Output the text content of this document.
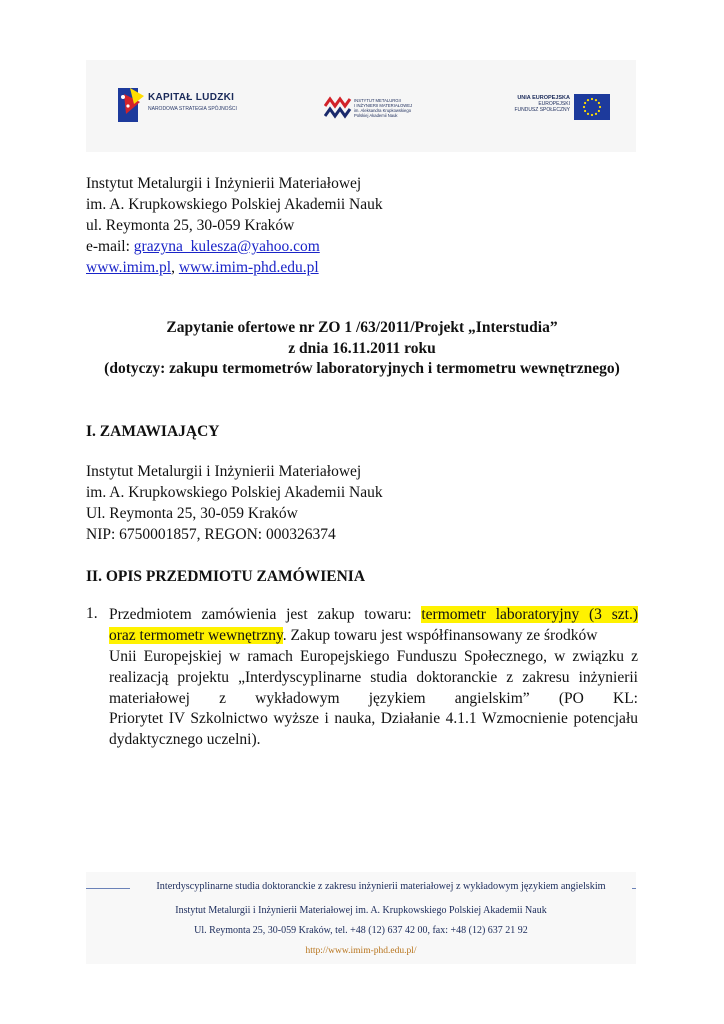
KAPITAŁ LUDZKI
NARODOWA STRATEGIA SPÓJNOŚCI
INSTYTUT METALURGII
I INŻYNIERII MATERIAŁOWEJ
im. Aleksandra Krupkowskiego
Polskiej Akademii Nauk
UNIA EUROPEJSKA
EUROPEJSKI
FUNDUSZ SPOŁECZNY
Instytut Metalurgii i Inżynierii Materiałowej
im. A. Krupkowskiego Polskiej Akademii Nauk
ul. Reymonta 25, 30-059 Kraków
e-mail: grazyna_kulesza@yahoo.com
www.imim.pl, www.imim-phd.edu.pl
Zapytanie ofertowe nr ZO 1 /63/2011/Projekt „Interstudia”
z dnia 16.11.2011 roku
(dotyczy: zakupu termometrów laboratoryjnych i termometru wewnętrznego)
I. ZAMAWIAJĄCY
Instytut Metalurgii i Inżynierii Materiałowej
im. A. Krupkowskiego Polskiej Akademii Nauk
Ul. Reymonta 25, 30-059 Kraków
NIP: 6750001857, REGON: 000326374
II. OPIS PRZEDMIOTU ZAMÓWIENIA
1. Przedmiotem zamówienia jest zakup towaru: termometr laboratoryjny (3 szt.)
oraz termometr wewnętrzny. Zakup towaru jest współfinansowany ze środków
Unii Europejskiej w ramach Europejskiego Funduszu Społecznego, w związku z
realizacją projektu „Interdyscyplinarne studia doktoranckie z zakresu inżynierii
materiałowej z wykładowym językiem angielskim” (PO KL:
Priorytet IV Szkolnictwo wyższe i nauka, Działanie 4.1.1 Wzmocnienie potencjału
dydaktycznego uczelni).
Interdyscyplinarne studia doktoranckie z zakresu inżynierii materiałowej z wykładowym językiem angielskim
Instytut Metalurgii i Inżynierii Materiałowej im. A. Krupkowskiego Polskiej Akademii Nauk
Ul. Reymonta 25, 30-059 Kraków, tel. +48 (12) 637 42 00, fax: +48 (12) 637 21 92
http://www.imim-phd.edu.pl/
